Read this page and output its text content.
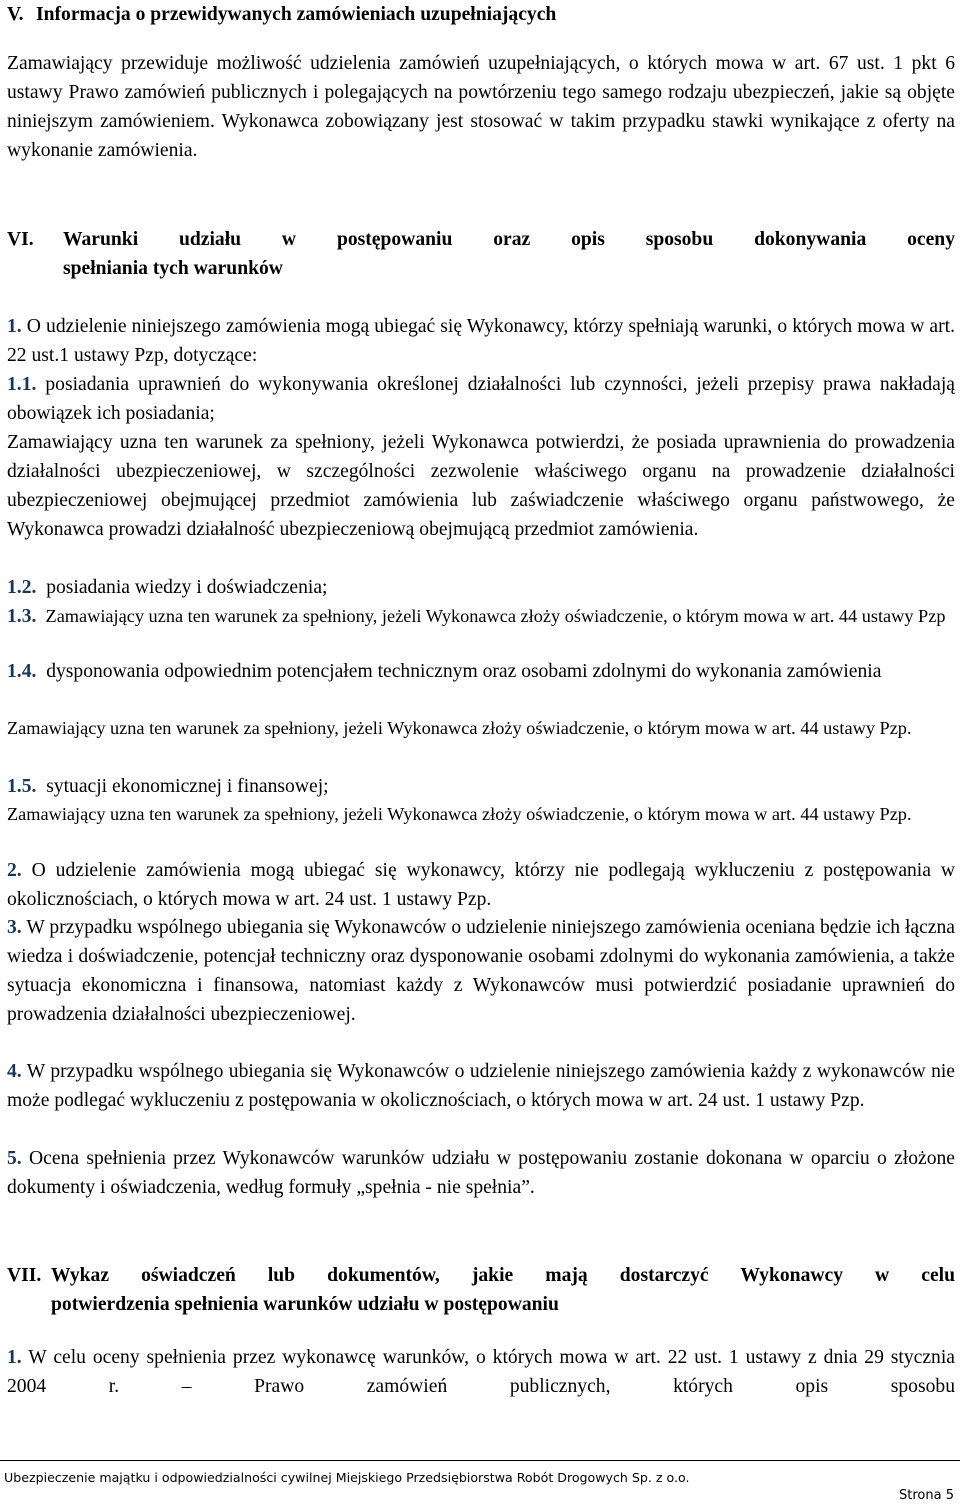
V. Informacja o przewidywanych zamówieniach uzupełniających

Zamawiający przewiduje możliwość udzielenia zamówień uzupełniających, o których mowa w art. 67 ust. 1 pkt 6 ustawy Prawo zamówień publicznych i polegających na powtórzeniu tego samego rodzaju ubezpieczeń, jakie są objęte niniejszym zamówieniem. Wykonawca zobowiązany jest stosować w takim przypadku stawki wynikające z oferty na wykonanie zamówienia.

VI. Warunki udziału w postępowaniu oraz opis sposobu dokonywania oceny
spełniania tych warunków

1. O udzielenie niniejszego zamówienia mogą ubiegać się Wykonawcy, którzy spełniają warunki, o których mowa w art. 22 ust.1 ustawy Pzp, dotyczące:

1.1. posiadania uprawnień do wykonywania określonej działalności lub czynności, jeżeli przepisy prawa nakładają obowiązek ich posiadania;

Zamawiający uzna ten warunek za spełniony, jeżeli Wykonawca potwierdzi, że posiada uprawnienia do prowadzenia działalności ubezpieczeniowej, w szczególności zezwolenie właściwego organu na prowadzenie działalności ubezpieczeniowej obejmującej przedmiot zamówienia lub zaświadczenie właściwego organu państwowego, że Wykonawca prowadzi działalność ubezpieczeniową obejmującą przedmiot zamówienia.

1.2. posiadania wiedzy i doświadczenia;

1.3. Zamawiający uzna ten warunek za spełniony, jeżeli Wykonawca złoży oświadczenie, o którym mowa w art. 44 ustawy Pzp

1.4. dysponowania odpowiednim potencjałem technicznym oraz osobami zdolnymi do wykonania zamówienia

Zamawiający uzna ten warunek za spełniony, jeżeli Wykonawca złoży oświadczenie, o którym mowa w art. 44 ustawy Pzp.

1.5. sytuacji ekonomicznej i finansowej;

Zamawiający uzna ten warunek za spełniony, jeżeli Wykonawca złoży oświadczenie, o którym mowa w art. 44 ustawy Pzp.

2. O udzielenie zamówienia mogą ubiegać się wykonawcy, którzy nie podlegają wykluczeniu z postępowania w okolicznościach, o których mowa w art. 24 ust. 1 ustawy Pzp.

3. W przypadku wspólnego ubiegania się Wykonawców o udzielenie niniejszego zamówienia oceniana będzie ich łączna wiedza i doświadczenie, potencjał techniczny oraz dysponowanie osobami zdolnymi do wykonania zamówienia, a także sytuacja ekonomiczna i finansowa, natomiast każdy z Wykonawców musi potwierdzić posiadanie uprawnień do prowadzenia działalności ubezpieczeniowej.

4. W przypadku wspólnego ubiegania się Wykonawców o udzielenie niniejszego zamówienia każdy z wykonawców nie może podlegać wykluczeniu z postępowania w okolicznościach, o których mowa w art. 24 ust. 1 ustawy Pzp.

5. Ocena spełnienia przez Wykonawców warunków udziału w postępowaniu zostanie dokonana w oparciu o złożone dokumenty i oświadczenia, według formuły „spełnia - nie spełnia”.

VII. Wykaz oświadczeń lub dokumentów, jakie mają dostarczyć Wykonawcy w celu
potwierdzenia spełnienia warunków udziału w postępowaniu

1. W celu oceny spełnienia przez wykonawcę warunków, o których mowa w art. 22 ust. 1 ustawy z dnia 29 stycznia 2004 r. – Prawo zamówień publicznych, których opis sposobu

Ubezpieczenie majątku i odpowiedzialności cywilnej Miejskiego Przedsiębiorstwa Robót Drogowych Sp. z o.o.
Strona 5
